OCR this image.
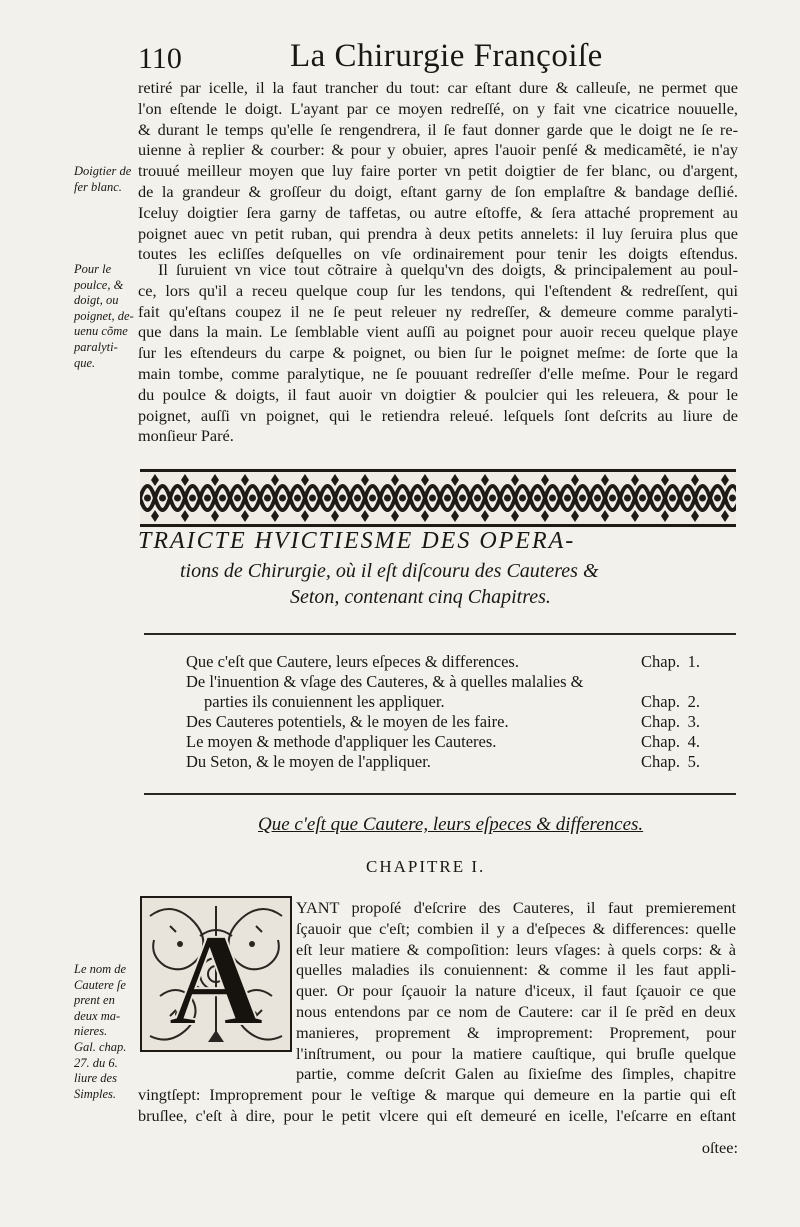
110	La Chirurgie Françoiſe
retiré par icelle, il la faut trancher du tout: car eſtant dure & calleuſe, ne permet que
l'on eſtende le doigt. L'ayant par ce moyen redreſſé, on y fait vne cicatrice nouuelle,
& durant le temps qu'elle ſe rengendrera, il ſe faut donner garde que le doigt ne ſe re-
uienne à replier & courber: & pour y obuier, apres l'auoir penſé & medicamẽté, ie n'ay
trouué meilleur moyen que luy faire porter vn petit doigtier de fer blanc, ou d'argent,
de la grandeur & groſſeur du doigt, eſtant garny de ſon emplaſtre & bandage deſlié.
Iceluy doigtier ſera garny de taffetas, ou autre eſtoffe, & ſera attaché proprement au
poignet auec vn petit ruban, qui prendra à deux petits annelets: il luy ſeruira plus que
toutes les ecliſſes deſquelles on vſe ordinairement pour tenir les doigts eſtendus.
Il ſuruient vn vice tout cõtraire à quelqu'vn des doigts, & principalement au poul-
ce, lors qu'il a receu quelque coup ſur les tendons, qui l'eſtendent & redreſſent, qui
fait qu'eſtans coupez il ne ſe peut releuer ny redreſſer, & demeure comme paralyti-
que dans la main. Le ſemblable vient auſſi au poignet pour auoir receu quelque playe
ſur les eſtendeurs du carpe & poignet, ou bien ſur le poignet meſme: de ſorte que la
main tombe, comme paralytique, ne ſe pouuant redreſſer d'elle meſme. Pour le regard
du poulce & doigts, il faut auoir vn doigtier & poulcier qui les releuera, & pour le
poignet, auſſi vn poignet, qui le retiendra releué. leſquels ſont deſcrits au liure de
monſieur Paré.
Doigtier de
fer blanc.
Pour le
poulce, &
doigt, ou
poignet, de-
uenu cõme
paralyti-
que.
Le nom de
Cautere ſe
prent en
deux ma-
nieres.
Gal. chap.
27. du 6.
liure des
Simples.
TRAICTE HVICTIESME DES OPERA-
tions de Chirurgie, où il eſt diſcouru des Cauteres &
Seton, contenant cinq Chapitres.
Que c'eſt que Cautere, leurs eſpeces & differences.	Chap. 1.
De l'inuention & vſage des Cauteres, & à quelles malalies &
parties ils conuiennent les appliquer.	Chap. 2.
Des Cauteres potentiels, & le moyen de les faire.	Chap. 3.
Le moyen & methode d'appliquer les Cauteres.	Chap. 4.
Du Seton, & le moyen de l'appliquer.	Chap. 5.
Que c'eſt que Cautere, leurs eſpeces & differences.
CHAPITRE I.
A YANT propoſé d'eſcrire des Cauteres, il faut premierement
ſçauoir que c'eſt; combien il y a d'eſpeces & differences: quelle
eſt leur matiere & compoſition: leurs vſages: à quels corps: & à
quelles maladies ils conuiennent: & comme il les faut appli-
quer. Or pour ſçauoir la nature d'iceux, il faut ſçauoir ce que
nous entendons par ce nom de Cautere: car il ſe prẽd en deux
manieres, proprement & improprement: Proprement, pour
l'inſtrument, ou pour la matiere cauſtique, qui bruſle quelque
partie, comme deſcrit Galen au ſixieſme des ſimples, chapitre
vingtſept: Improprement pour le veſtige & marque qui demeure en la partie qui eſt
bruſlee, c'eſt à dire, pour le petit vlcere qui eſt demeuré en icelle, l'eſcarre en eſtant
oſtee:
